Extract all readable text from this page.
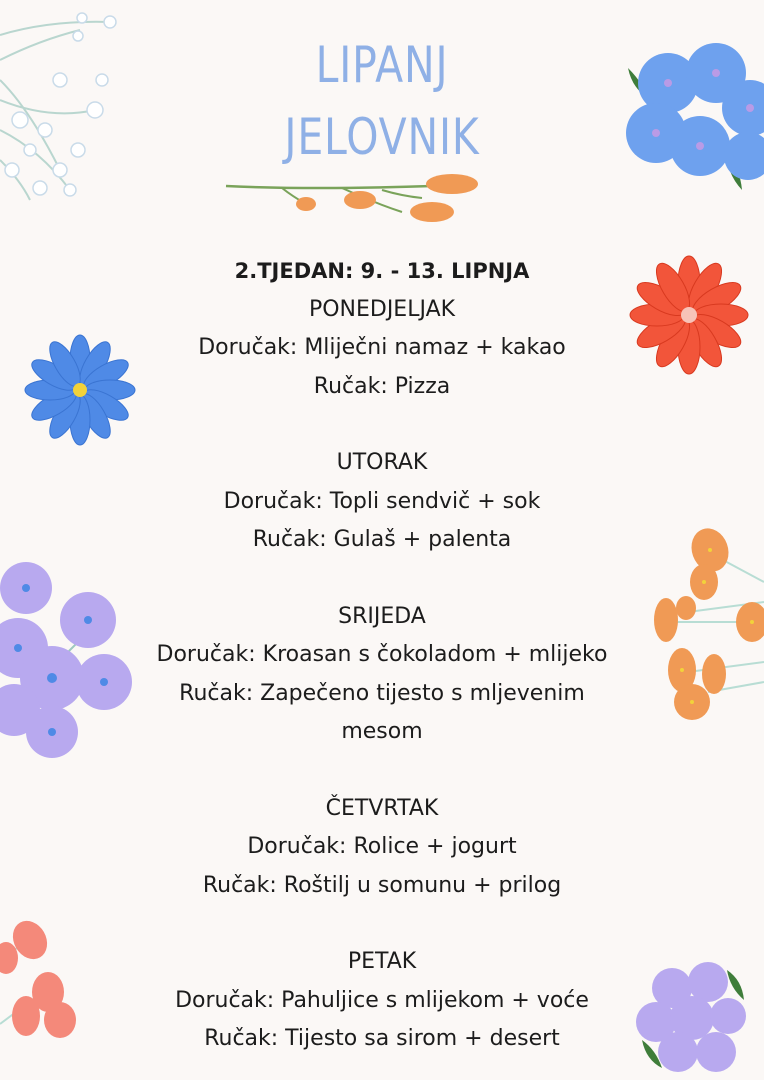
LIPANJ
JELOVNIK
2.TJEDAN: 9. - 13. LIPNJA
PONEDJELJAK
Doručak: Mliječni namaz + kakao
Ručak: Pizza
UTORAK
Doručak: Topli sendvič + sok
Ručak: Gulaš + palenta
SRIJEDA
Doručak: Kroasan s čokoladom + mlijeko
Ručak: Zapečeno tijesto s mljevenim mesom
ČETVRTAK
Doručak: Rolice + jogurt
Ručak: Roštilj u somunu + prilog
PETAK
Doručak: Pahuljice s mlijekom + voće
Ručak: Tijesto sa sirom + desert
